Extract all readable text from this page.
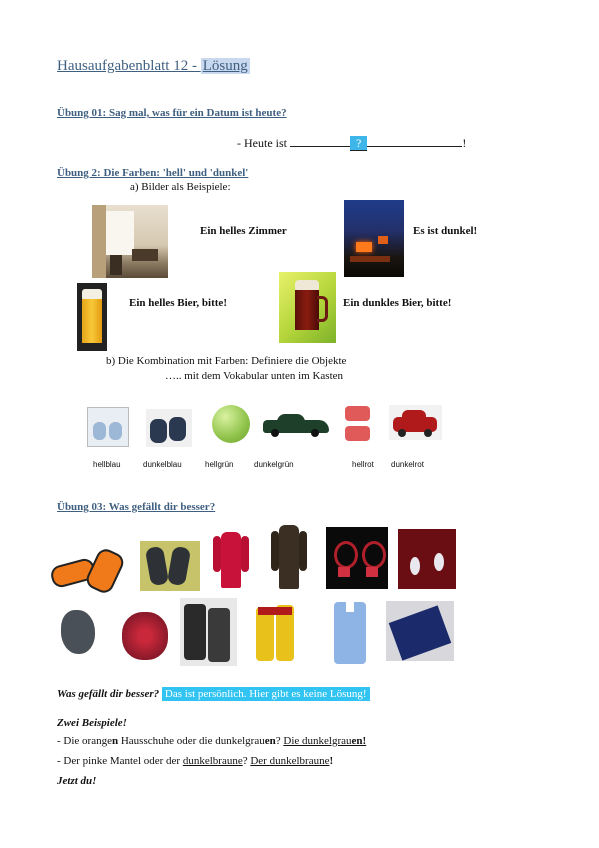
Hausaufgabenblatt 12 - Lösung
Übung 01: Sag mal, was für ein Datum ist heute?
- Heute ist	?	!
Übung 2: Die Farben: 'hell' und 'dunkel'
a) Bilder als Beispiele:
Ein helles Zimmer	Es ist dunkel!
Ein helles Bier, bitte!	Ein dunkles Bier, bitte!
b) Die Kombination mit Farben: Definiere die Objekte
….. mit dem Vokabular unten im Kasten
hellblau	dunkelblau	hellgrün	dunkelgrün	hellrot dunkelrot
Übung 03: Was gefällt dir besser?
Was gefällt dir besser? Das ist persönlich. Hier gibt es keine Lösung!
Zwei Beispiele!
- Die orangen Hausschuhe oder die dunkelgrauen? Die dunkelgrauen!
- Der pinke Mantel oder der dunkelbraune? Der dunkelbraune!
Jetzt du!
